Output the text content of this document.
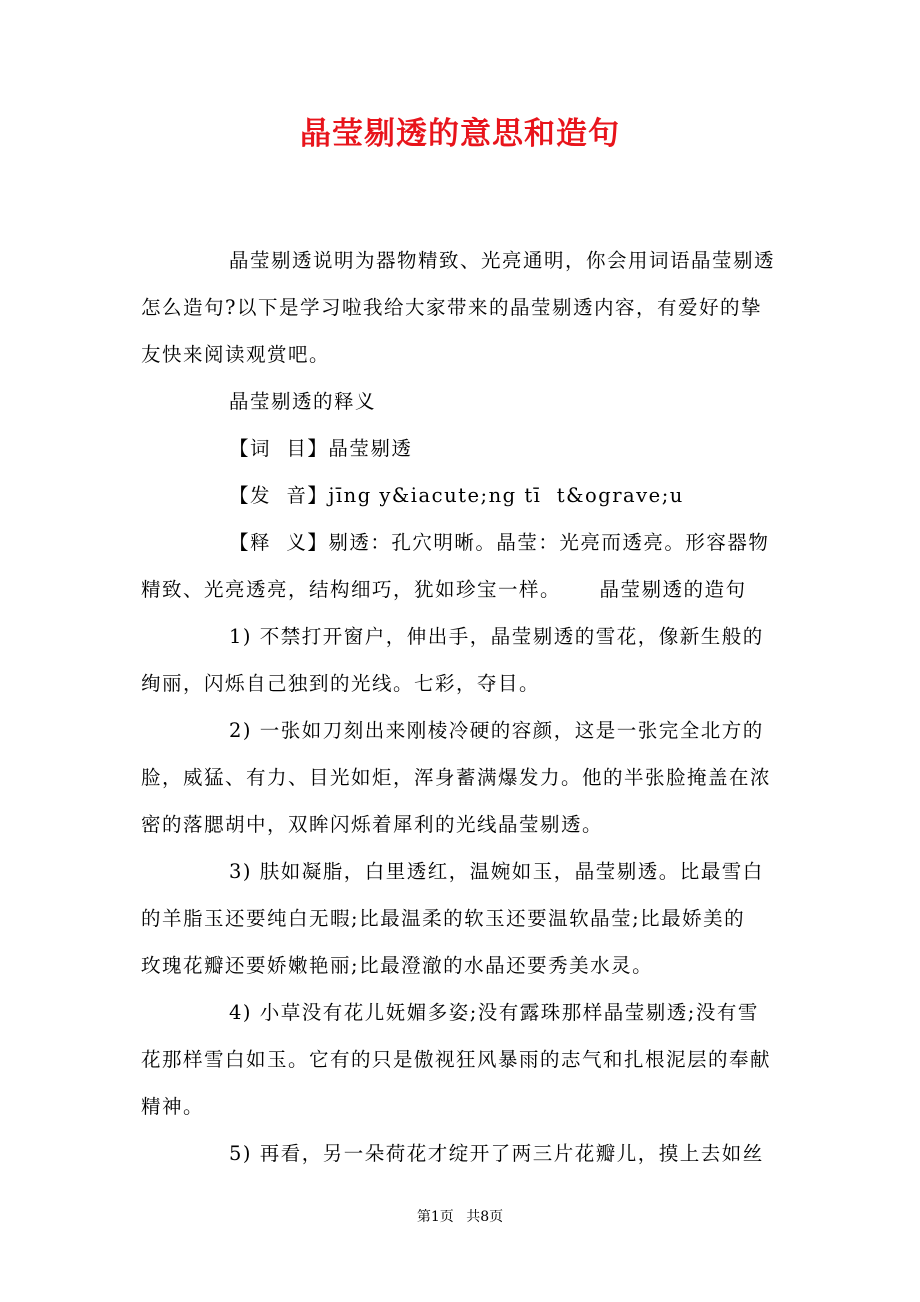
晶莹剔透的意思和造句

晶莹剔透说明为器物精致、光亮通明，你会用词语晶莹剔透
怎么造句?以下是学习啦我给大家带来的晶莹剔透内容，有爱好的挚
友快来阅读观赏吧。

晶莹剔透的释义

【词  目】晶莹剔透

【发  音】jīng y&iacute;ng tī  t&ograve;u

【释  义】剔透：孔穴明晰。晶莹：光亮而透亮。形容器物
精致、光亮透亮，结构细巧，犹如珍宝一样。     晶莹剔透的造句

1) 不禁打开窗户，伸出手，晶莹剔透的雪花，像新生般的
绚丽，闪烁自己独到的光线。七彩，夺目。

2) 一张如刀刻出来刚棱冷硬的容颜，这是一张完全北方的
脸，威猛、有力、目光如炬，浑身蓄满爆发力。他的半张脸掩盖在浓
密的落腮胡中，双眸闪烁着犀利的光线晶莹剔透。

3) 肤如凝脂，白里透红，温婉如玉，晶莹剔透。比最雪白
的羊脂玉还要纯白无暇;比最温柔的软玉还要温软晶莹;比最娇美的
玫瑰花瓣还要娇嫩艳丽;比最澄澈的水晶还要秀美水灵。

4) 小草没有花儿妩媚多姿;没有露珠那样晶莹剔透;没有雪
花那样雪白如玉。它有的只是傲视狂风暴雨的志气和扎根泥层的奉献
精神。

5) 再看，另一朵荷花才绽开了两三片花瓣儿，摸上去如丝

第1页 共8页
